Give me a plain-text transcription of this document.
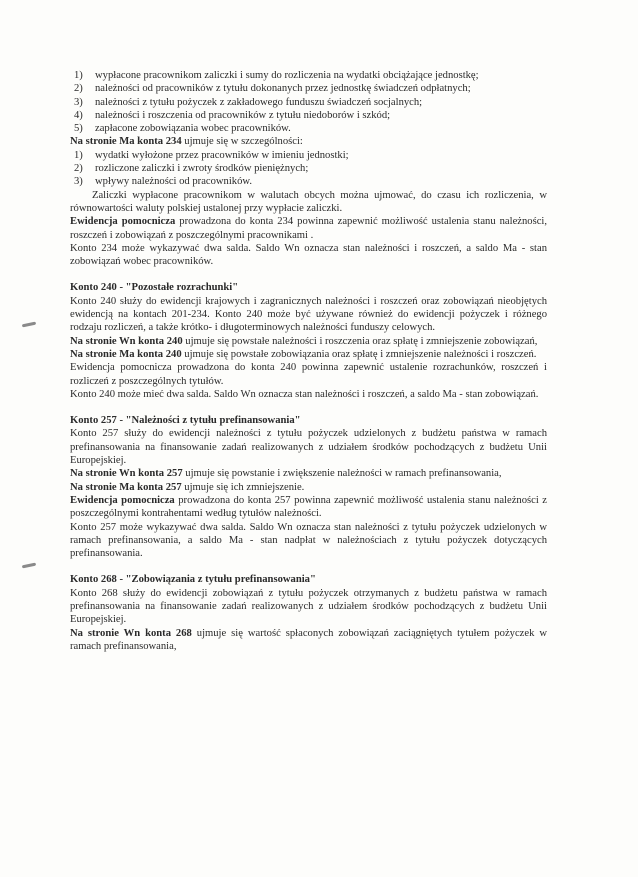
1) wypłacone pracownikom zaliczki i sumy do rozliczenia na wydatki obciążające jednostkę;
2) należności od pracowników z tytułu dokonanych przez jednostkę świadczeń odpłatnych;
3) należności z tytułu pożyczek z zakładowego funduszu świadczeń socjalnych;
4) należności i roszczenia od pracowników z tytułu niedoborów i szkód;
5) zapłacone zobowiązania wobec pracowników.

Na stronie Ma konta 234 ujmuje się w szczególności:

1) wydatki wyłożone przez pracowników w imieniu jednostki;
2) rozliczone zaliczki i zwroty środków pieniężnych;
3) wpływy należności od pracowników.

Zaliczki wypłacone pracownikom w walutach obcych można ujmować, do czasu ich rozliczenia, w równowartości waluty polskiej ustalonej przy wypłacie zaliczki.

Ewidencja pomocnicza prowadzona do konta 234 powinna zapewnić możliwość ustalenia stanu należności, roszczeń i zobowiązań z poszczególnymi pracownikami .

Konto 234 może wykazywać dwa salda. Saldo Wn oznacza stan należności i roszczeń, a saldo Ma - stan zobowiązań wobec pracowników.

Konto 240 - "Pozostałe rozrachunki"

Konto 240 służy do ewidencji krajowych i zagranicznych należności i roszczeń oraz zobowiązań nieobjętych ewidencją na kontach 201-234. Konto 240 może być używane również do ewidencji pożyczek i różnego rodzaju rozliczeń, a także krótko- i długoterminowych należności funduszy celowych.

Na stronie Wn konta 240 ujmuje się powstałe należności i roszczenia oraz spłatę i zmniejszenie zobowiązań,

Na stronie Ma konta 240 ujmuje się powstałe zobowiązania oraz spłatę i zmniejszenie należności i roszczeń.

Ewidencja pomocnicza prowadzona do konta 240 powinna zapewnić ustalenie rozrachunków, roszczeń i rozliczeń z poszczególnych tytułów.

Konto 240 może mieć dwa salda. Saldo Wn oznacza stan należności i roszczeń, a saldo Ma - stan zobowiązań.

Konto 257 - "Należności z tytułu prefinansowania"

Konto 257 służy do ewidencji należności z tytułu pożyczek udzielonych z budżetu państwa w ramach prefinansowania na finansowanie zadań realizowanych z udziałem środków pochodzących z budżetu Unii Europejskiej.

Na stronie Wn konta 257 ujmuje się powstanie i zwiększenie należności w ramach prefinansowania,

Na stronie Ma konta 257 ujmuje się ich zmniejszenie.

Ewidencja pomocnicza prowadzona do konta 257 powinna zapewnić możliwość ustalenia stanu należności z poszczególnymi kontrahentami według tytułów należności.

Konto 257 może wykazywać dwa salda. Saldo Wn oznacza stan należności z tytułu pożyczek udzielonych w ramach prefinansowania, a saldo Ma - stan nadpłat w należnościach z tytułu pożyczek dotyczących prefinansowania.

Konto 268 - "Zobowiązania z tytułu prefinansowania"

Konto 268 służy do ewidencji zobowiązań z tytułu pożyczek otrzymanych z budżetu państwa w ramach prefinansowania na finansowanie zadań realizowanych z udziałem środków pochodzących z budżetu Unii Europejskiej.

Na stronie Wn konta 268 ujmuje się wartość spłaconych zobowiązań zaciągniętych tytułem pożyczek w ramach prefinansowania,
